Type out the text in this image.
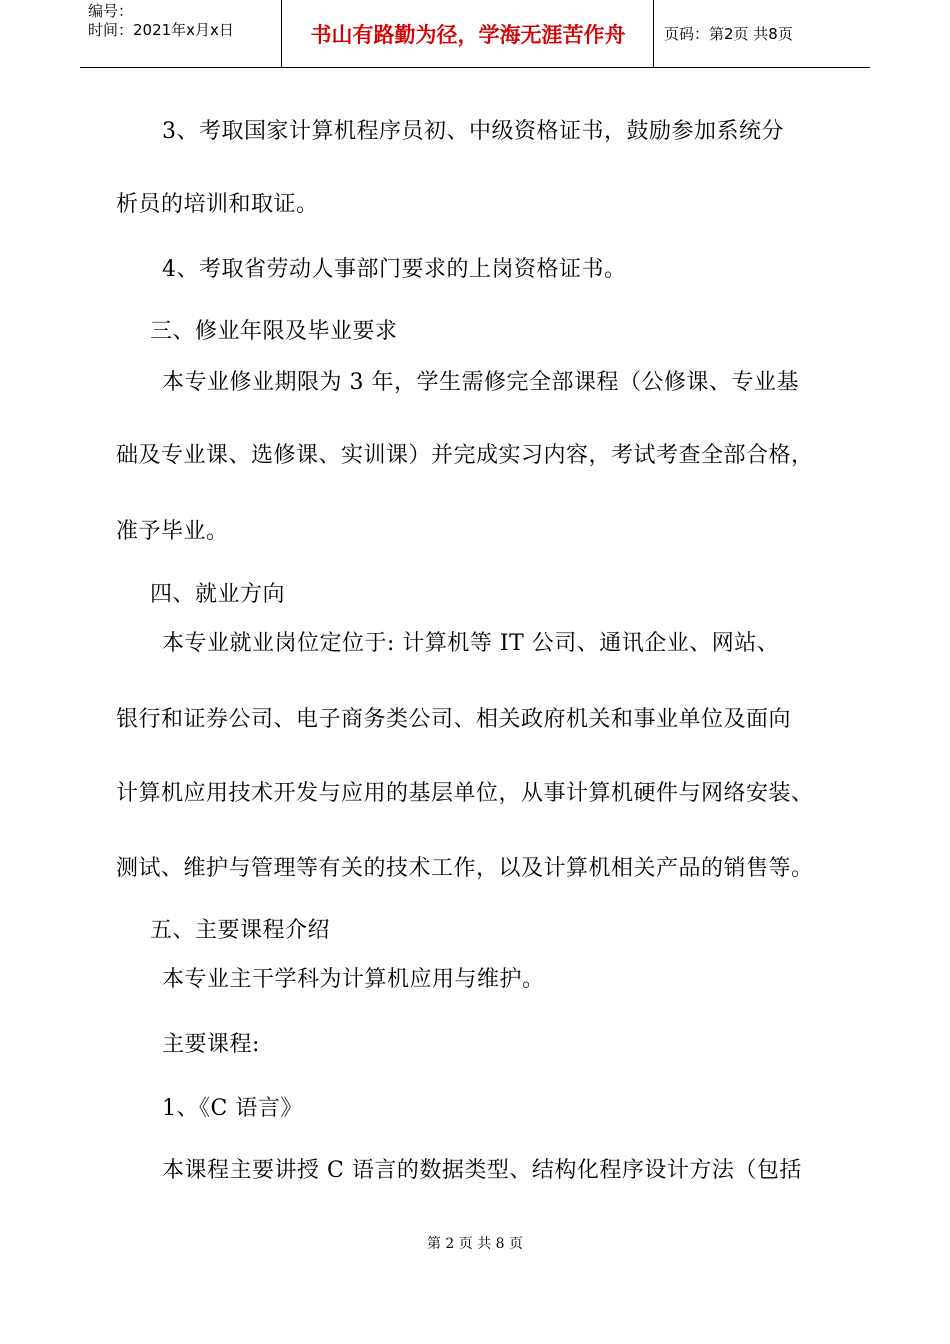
编号：
时间：2021年x月x日	书山有路勤为径，学海无涯苦作舟	页码：第2页 共8页
3、考取国家计算机程序员初、中级资格证书，鼓励参加系统分
析员的培训和取证。
4、考取省劳动人事部门要求的上岗资格证书。
三、修业年限及毕业要求
本专业修业期限为 3 年，学生需修完全部课程（公修课、专业基
础及专业课、选修课、实训课）并完成实习内容，考试考查全部合格，
准予毕业。
四、就业方向
本专业就业岗位定位于: 计算机等 IT 公司、通讯企业、网站、
银行和证券公司、电子商务类公司、相关政府机关和事业单位及面向
计算机应用技术开发与应用的基层单位，从事计算机硬件与网络安装、
测试、维护与管理等有关的技术工作，以及计算机相关产品的销售等。
五、主要课程介绍
本专业主干学科为计算机应用与维护。
主要课程:
1、《C 语言》
本课程主要讲授 C 语言的数据类型、结构化程序设计方法（包括
第 2 页 共 8 页
